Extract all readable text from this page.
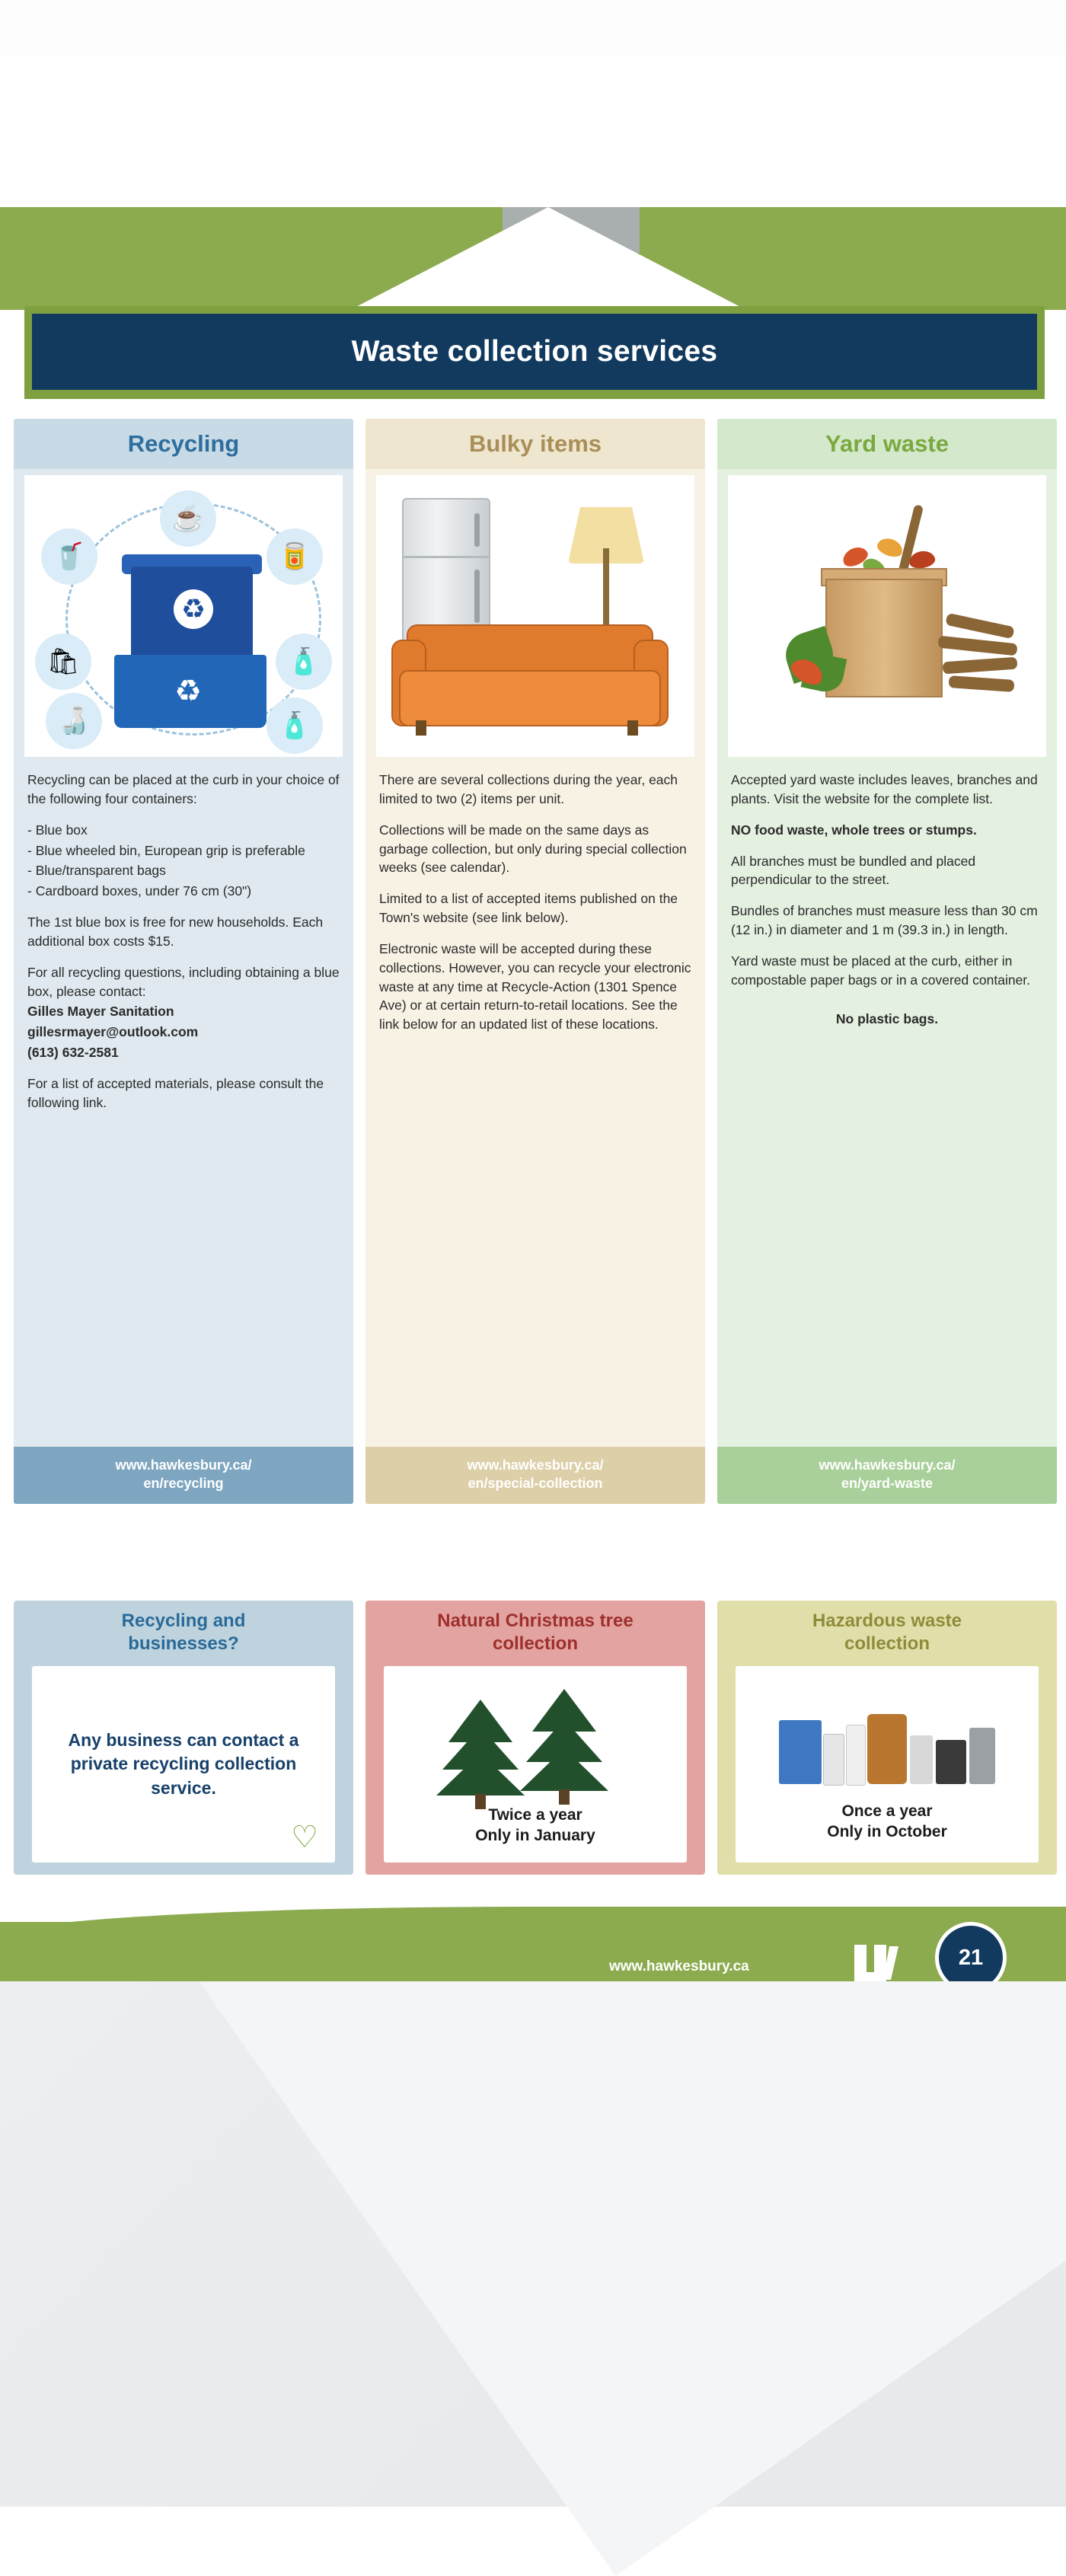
Waste collection services
Recycling
🥤
☕
🥫
🛍	🧴
🍶	🧴
♻
♻

Recycling can be placed at the curb in your choice of the following four containers:

- Blue box

- Blue wheeled bin, European grip is preferable

- Blue/transparent bags

- Cardboard boxes, under 76 cm (30")

The 1st blue box is free for new households. Each additional box costs $15.

For all recycling questions, including obtaining a blue box, please contact:

Gilles Mayer Sanitation

gillesrmayer@outlook.com

(613) 632-2581

For a list of accepted materials, please consult the following link.

www.hawkesbury.ca/
en/recycling
Bulky items

There are several collections during the year, each limited to two (2) items per unit.

Collections will be made on the same days as garbage collection, but only during special collection weeks (see calendar).

Limited to a list of accepted items published on the Town's website (see link below).

Electronic waste will be accepted during these collections. However, you can recycle your electronic waste at any time at Recycle-Action (1301 Spence Ave) or at certain return-to-retail locations. See the link below for an updated list of these locations.

www.hawkesbury.ca/
en/special-collection
Yard waste

Accepted yard waste includes leaves, branches and plants. Visit the website for the complete list.

NO food waste, whole trees or stumps.

All branches must be bundled and placed perpendicular to the street.

Bundles of branches must measure less than 30 cm (12 in.) in diameter and 1 m (39.3 in.) in length.

Yard waste must be placed at the curb, either in compostable paper bags or in a covered container.

No plastic bags.

www.hawkesbury.ca/
en/yard-waste
Recycling and
businesses?
Any business can contact a private recycling collection service.
♡
Natural Christmas tree
collection
Twice a year
Only in January
Hazardous waste
collection
Once a year
Only in October
www.hawkesbury.ca	21
